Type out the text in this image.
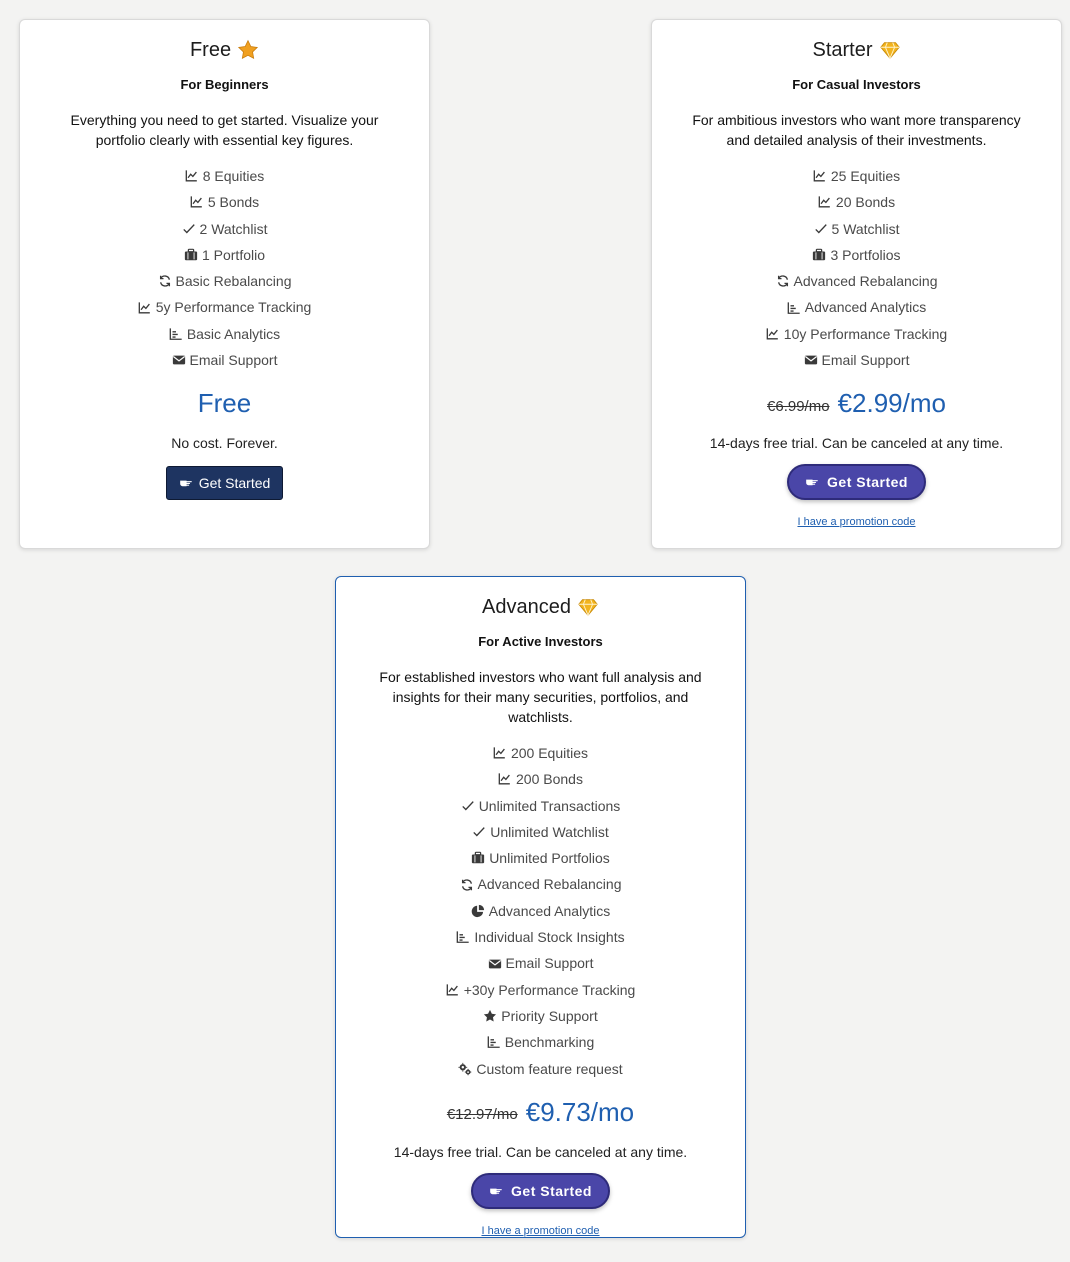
Free
For Beginners

Everything you need to get started. Visualize your portfolio clearly with essential key figures.

8 Equities
5 Bonds
2 Watchlist
1 Portfolio
Basic Rebalancing
5y Performance Tracking
Basic Analytics
Email Support
Free
No cost. Forever.
Get Started
Starter
For Casual Investors

For ambitious investors who want more transparency and detailed analysis of their investments.

25 Equities
20 Bonds
5 Watchlist
3 Portfolios
Advanced Rebalancing
Advanced Analytics
10y Performance Tracking
Email Support
€6.99/mo €2.99/mo
14-days free trial. Can be canceled at any time.
Get Started
I have a promotion code
Advanced
For Active Investors

For established investors who want full analysis and insights for their many securities, portfolios, and watchlists.

200 Equities
200 Bonds
Unlimited Transactions
Unlimited Watchlist
Unlimited Portfolios
Advanced Rebalancing
Advanced Analytics
Individual Stock Insights
Email Support
+30y Performance Tracking
Priority Support
Benchmarking
Custom feature request
€12.97/mo €9.73/mo
14-days free trial. Can be canceled at any time.
Get Started
I have a promotion code
